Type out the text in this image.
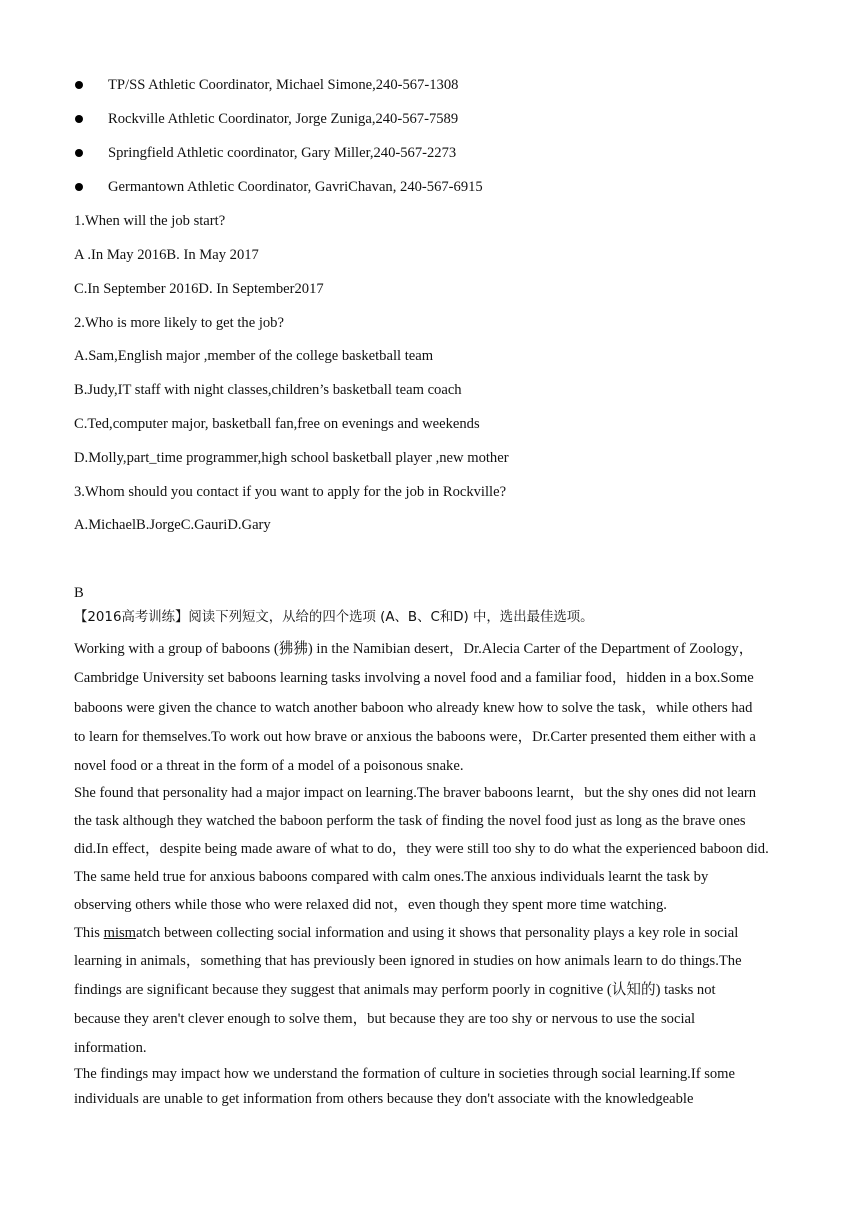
TP/SS Athletic Coordinator, Michael Simone,240-567-1308
Rockville Athletic Coordinator, Jorge Zuniga,240-567-7589
Springfield Athletic coordinator, Gary Miller,240-567-2273
Germantown Athletic Coordinator, GavriChavan, 240-567-6915
1.When will the job start?
A .In May 2016B. In May 2017
C.In September 2016D. In September2017
2.Who is more likely to get the job?
A.Sam,English major ,member of the college basketball team
B.Judy,IT staff with night classes,children’s basketball team coach
C.Ted,computer major, basketball fan,free on evenings and weekends
D.Molly,part_time programmer,high school basketball player ,new mother
3.Whom should you contact if you want to apply for the job in Rockville?
A.MichaelB.JorgeC.GauriD.Gary
B
【2016高考训练】阅读下列短文，从给的四个选项 (A、B、C和D) 中，选出最佳选项。
Working with a group of baboons (狒狒) in the Namibian desert，Dr.Alecia Carter of the Department of Zoology，
Cambridge University set baboons learning tasks involving a novel food and a familiar food，hidden in a box.Some
baboons were given the chance to watch another baboon who already knew how to solve the task，while others had
to learn for themselves.To work out how brave or anxious the baboons were，Dr.Carter presented them either with a
novel food or a threat in the form of a model of a poisonous snake.
She found that personality had a major impact on learning.The braver baboons learnt，but the shy ones did not learn
the task although they watched the baboon perform the task of finding the novel food just as long as the brave ones
did.In effect，despite being made aware of what to do，they were still too shy to do what the experienced baboon did.
The same held true for anxious baboons compared with calm ones.The anxious individuals learnt the task by
observing others while those who were relaxed did not，even though they spent more time watching.
This mismatch between collecting social information and using it shows that personality plays a key role in social
learning in animals，something that has previously been ignored in studies on how animals learn to do things.The
findings are significant because they suggest that animals may perform poorly in cognitive (认知的) tasks not
because they aren't clever enough to solve them，but because they are too shy or nervous to use the social
information.
The findings may impact how we understand the formation of culture in societies through social learning.If some
individuals are unable to get information from others because they don't associate with the knowledgeable
